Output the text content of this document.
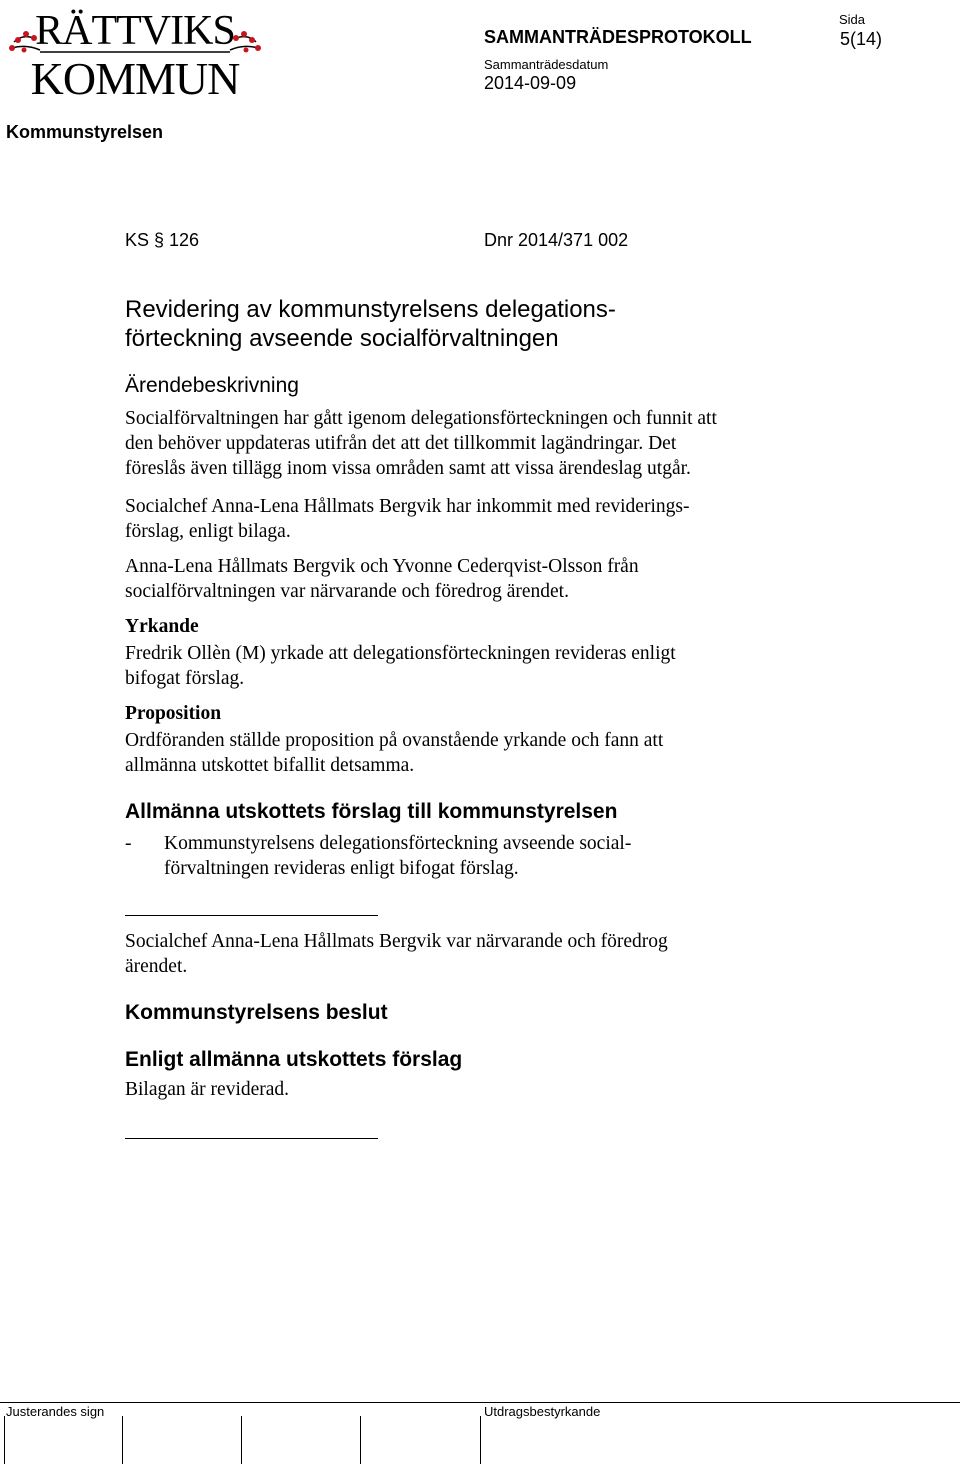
RÄTTVIKS
KOMMUN
SAMMANTRÄDESPROTOKOLL
Sammanträdesdatum
2014-09-09
Sida
5(14)
Kommunstyrelsen
KS § 126	Dnr 2014/371 002
Revidering av kommunstyrelsens delegations-
förteckning avseende socialförvaltningen
Ärendebeskrivning
Socialförvaltningen har gått igenom delegationsförteckningen och funnit att
den behöver uppdateras utifrån det att det tillkommit lagändringar. Det
föreslås även tillägg inom vissa områden samt att vissa ärendeslag utgår.
Socialchef Anna-Lena Hållmats Bergvik har inkommit med reviderings-
förslag, enligt bilaga.
Anna-Lena Hållmats Bergvik och Yvonne Cederqvist-Olsson från
socialförvaltningen var närvarande och föredrog ärendet.
Yrkande
Fredrik Ollèn (M) yrkade att delegationsförteckningen revideras enligt
bifogat förslag.
Proposition
Ordföranden ställde proposition på ovanstående yrkande och fann att
allmänna utskottet bifallit detsamma.
Allmänna utskottets förslag till kommunstyrelsen
- Kommunstyrelsens delegationsförteckning avseende social-
förvaltningen revideras enligt bifogat förslag.
Socialchef Anna-Lena Hållmats Bergvik var närvarande och föredrog
ärendet.
Kommunstyrelsens beslut
Enligt allmänna utskottets förslag
Bilagan är reviderad.
Justerandes sign	Utdragsbestyrkande
